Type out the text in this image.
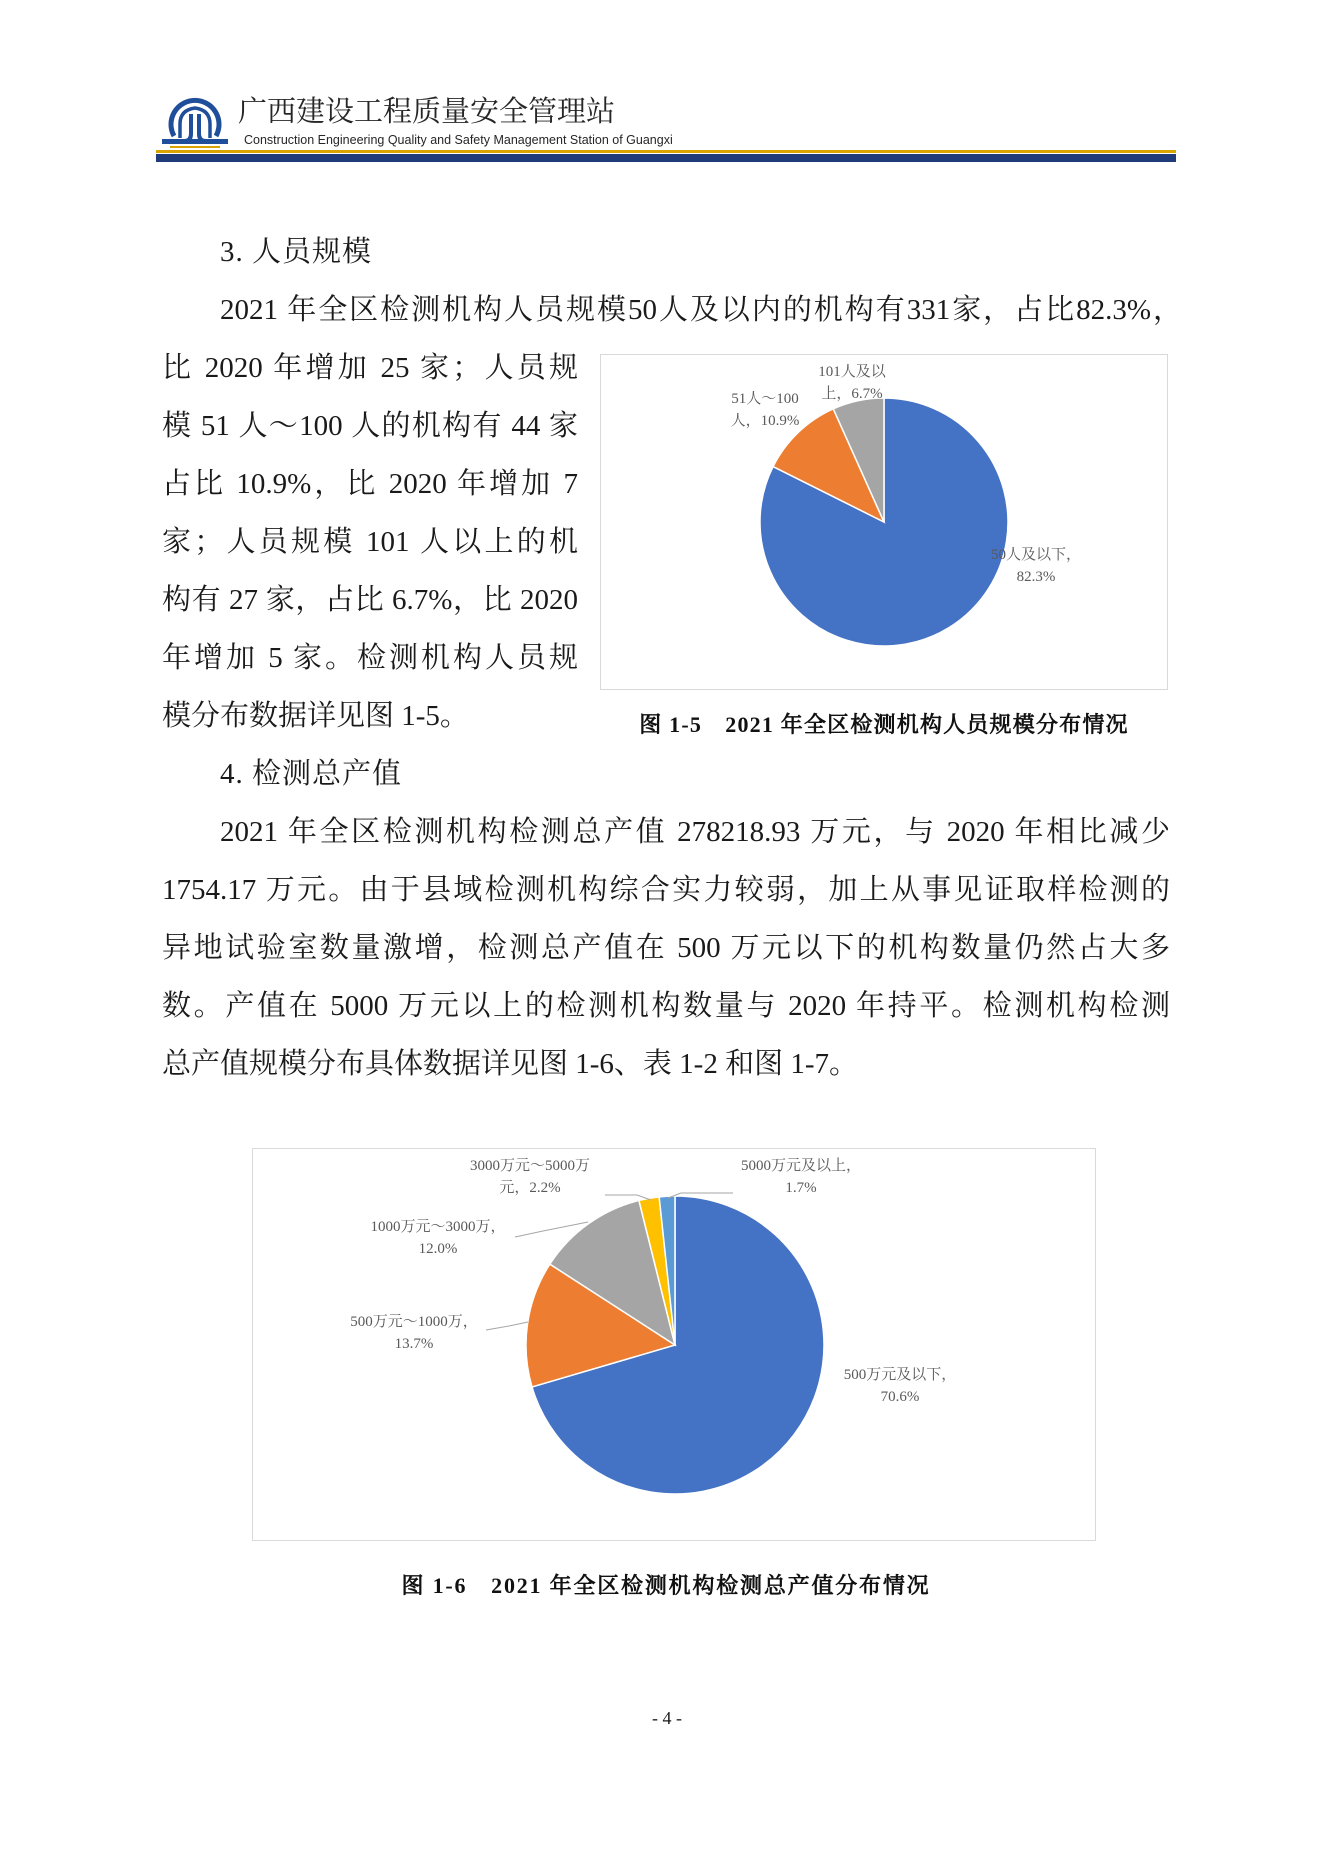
广西建设工程质量安全管理站
Construction Engineering Quality and Safety Management Station of Guangxi
3. 人员规模
2021 年全区检测机构人员规模50人及以内的机构有331家，占比82.3%，
比 2020 年增加 25 家；人员规
模 51 人～100 人的机构有 44 家
占比 10.9%，比 2020 年增加 7
家；人员规模 101 人以上的机
构有 27 家，占比 6.7%，比 2020
年增加 5 家。检测机构人员规
模分布数据详见图 1-5。
4. 检测总产值
2021 年全区检测机构检测总产值 278218.93 万元，与 2020 年相比减少
1754.17 万元。由于县域检测机构综合实力较弱，加上从事见证取样检测的
异地试验室数量激增，检测总产值在 500 万元以下的机构数量仍然占大多
数。产值在 5000 万元以上的检测机构数量与 2020 年持平。检测机构检测
总产值规模分布具体数据详见图 1-6、表 1-2 和图 1-7。
50人及以下，
82.3%
51人～100
人，10.9%
101人及以
上，6.7%
图 1-5　2021 年全区检测机构人员规模分布情况
500万元及以下，
70.6%
500万元～1000万，
13.7%
1000万元～3000万，
12.0%
3000万元～5000万
元，2.2%
5000万元及以上，
1.7%
图 1-6　2021 年全区检测机构检测总产值分布情况
- 4 -
